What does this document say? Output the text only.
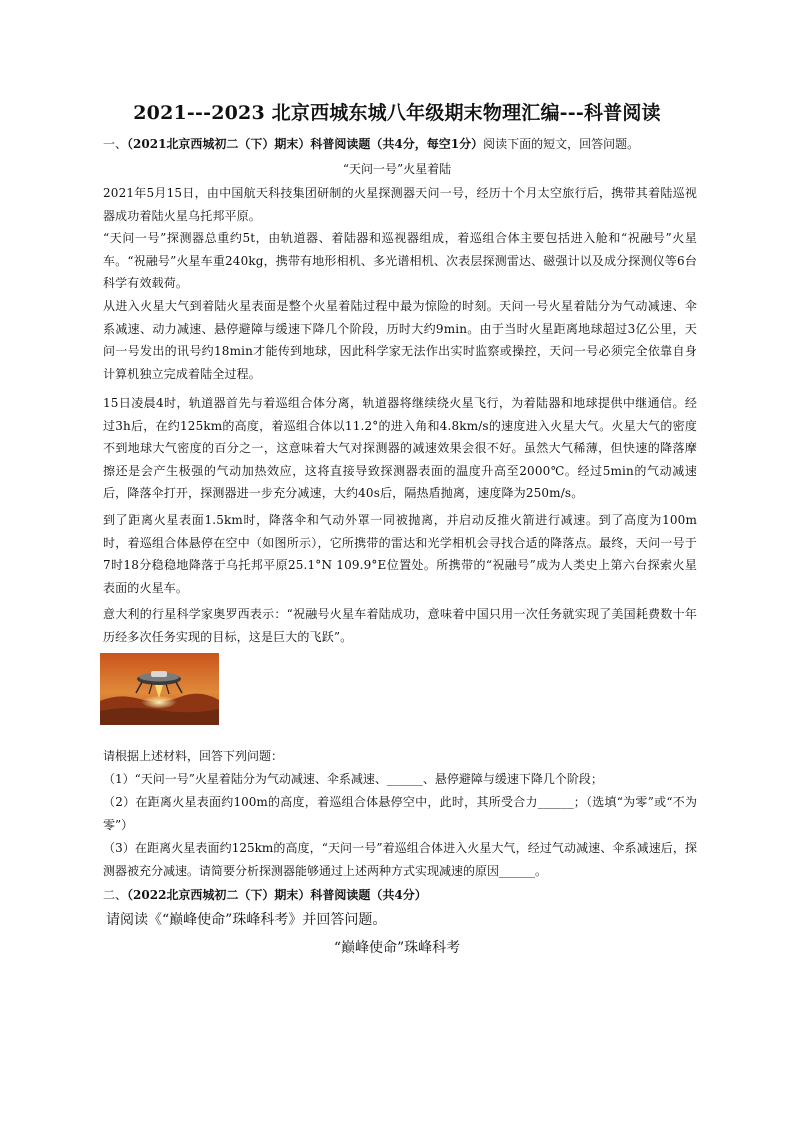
2021---2023 北京西城东城八年级期末物理汇编---科普阅读

一、（2021北京西城初二（下）期末）科普阅读题（共4分，每空1分）阅读下面的短文，回答问题。

“天问一号”火星着陆

2021年5月15日，由中国航天科技集团研制的火星探测器天问一号，经历十个月太空旅行后，携带其着陆巡视器成功着陆火星乌托邦平原。

“天问一号”探测器总重约5t，由轨道器、着陆器和巡视器组成，着巡组合体主要包括进入舱和“祝融号”火星车。“祝融号”火星车重240kg，携带有地形相机、多光谱相机、次表层探测雷达、磁强计以及成分探测仪等6台科学有效载荷。

从进入火星大气到着陆火星表面是整个火星着陆过程中最为惊险的时刻。天问一号火星着陆分为气动减速、伞系减速、动力减速、悬停避障与缓速下降几个阶段，历时大约9min。由于当时火星距离地球超过3亿公里，天问一号发出的讯号约18min才能传到地球，因此科学家无法作出实时监察或操控，天问一号必须完全依靠自身计算机独立完成着陆全过程。

15日凌晨4时，轨道器首先与着巡组合体分离，轨道器将继续绕火星飞行，为着陆器和地球提供中继通信。经过3h后，在约125km的高度，着巡组合体以11.2°的进入角和4.8km/s的速度进入火星大气。火星大气的密度不到地球大气密度的百分之一，这意味着大气对探测器的减速效果会很不好。虽然大气稀薄，但快速的降落摩擦还是会产生极强的气动加热效应，这将直接导致探测器表面的温度升高至2000℃。经过5min的气动减速后，降落伞打开，探测器进一步充分减速，大约40s后，隔热盾抛离，速度降为250m/s。

到了距离火星表面1.5km时，降落伞和气动外罩一同被抛离，并启动反推火箭进行减速。到了高度为100m时，着巡组合体悬停在空中（如图所示），它所携带的雷达和光学相机会寻找合适的降落点。最终，天问一号于7时18分稳稳地降落于乌托邦平原25.1°N 109.9°E位置处。所携带的“祝融号”成为人类史上第六台探索火星表面的火星车。

意大利的行星科学家奥罗西表示：“祝融号火星车着陆成功，意味着中国只用一次任务就实现了美国耗费数十年历经多次任务实现的目标，这是巨大的飞跃”。

请根据上述材料，回答下列问题：

（1）“天问一号”火星着陆分为气动减速、伞系减速、______、悬停避障与缓速下降几个阶段；

（2）在距离火星表面约100m的高度，着巡组合体悬停空中，此时，其所受合力______；（选填“为零”或“不为零”）

（3）在距离火星表面约125km的高度，“天问一号”着巡组合体进入火星大气，经过气动减速、伞系减速后，探测器被充分减速。请简要分析探测器能够通过上述两种方式实现减速的原因______。

二、（2022北京西城初二（下）期末）科普阅读题（共4分）

请阅读《“巅峰使命”珠峰科考》并回答问题。

“巅峰使命”珠峰科考
